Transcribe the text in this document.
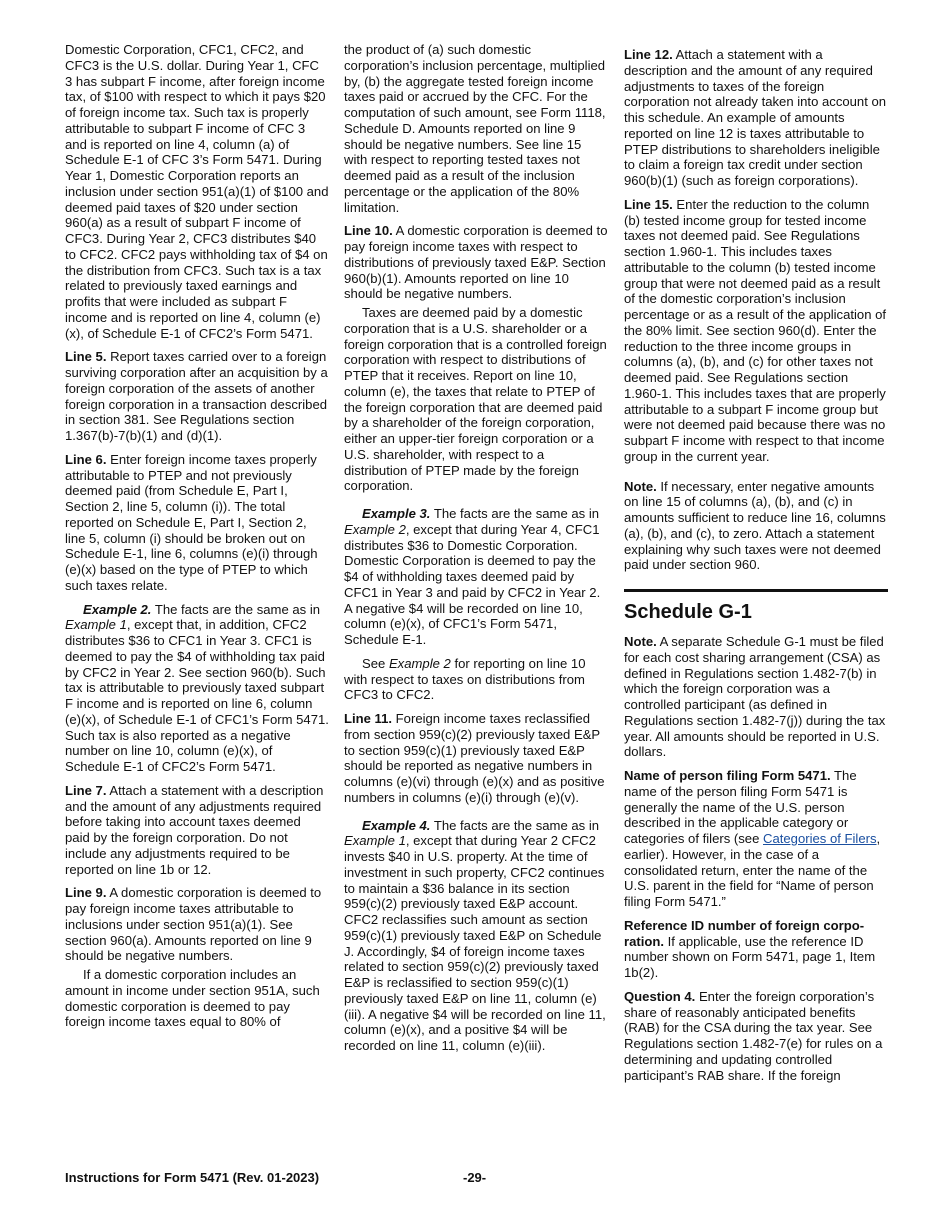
Domestic Corporation, CFC1, CFC2, and CFC3 is the U.S. dollar. During Year 1, CFC 3 has subpart F income, after foreign income tax, of $100 with respect to which it pays $20 of foreign income tax. Such tax is properly attributable to subpart F income of CFC 3 and is reported on line 4, column (a) of Schedule E-1 of CFC 3’s Form 5471. During Year 1, Domestic Corporation reports an inclusion under section 951(a)(1) of $100 and deemed paid taxes of $20 under section 960(a) as a result of subpart F income of CFC3. During Year 2, CFC3 distributes $40 to CFC2. CFC2 pays withholding tax of $4 on the distribution from CFC3. Such tax is a tax related to previously taxed earnings and profits that were included as subpart F income and is reported on line 4, column (e)(x), of Schedule E-1 of CFC2’s Form 5471.

Line 5. Report taxes carried over to a foreign surviving corporation after an acquisition by a foreign corporation of the assets of another foreign corporation in a transaction described in section 381. See Regulations section 1.367(b)-7(b)(1) and (d)(1).

Line 6. Enter foreign income taxes properly attributable to PTEP and not previously deemed paid (from Schedule E, Part I, Section 2, line 5, column (i)). The total reported on Schedule E, Part I, Section 2, line 5, column (i) should be broken out on Schedule E-1, line 6, columns (e)(i) through (e)(x) based on the type of PTEP to which such taxes relate.

Example 2. The facts are the same as in Example 1, except that, in addition, CFC2 distributes $36 to CFC1 in Year 3. CFC1 is deemed to pay the $4 of withholding tax paid by CFC2 in Year 2. See section 960(b). Such tax is attributable to previously taxed subpart F income and is reported on line 6, column (e)(x), of Schedule E-1 of CFC1’s Form 5471. Such tax is also reported as a negative number on line 10, column (e)(x), of Schedule E-1 of CFC2’s Form 5471.

Line 7. Attach a statement with a description and the amount of any adjustments required before taking into account taxes deemed paid by the foreign corporation. Do not include any adjustments required to be reported on line 1b or 12.

Line 9. A domestic corporation is deemed to pay foreign income taxes attributable to inclusions under section 951(a)(1). See section 960(a). Amounts reported on line 9 should be negative numbers.

If a domestic corporation includes an amount in income under section 951A, such domestic corporation is deemed to pay foreign income taxes equal to 80% of

the product of (a) such domestic corporation’s inclusion percentage, multiplied by, (b) the aggregate tested foreign income taxes paid or accrued by the CFC. For the computation of such amount, see Form 1118, Schedule D. Amounts reported on line 9 should be negative numbers. See line 15 with respect to reporting tested taxes not deemed paid as a result of the inclusion percentage or the application of the 80% limitation.

Line 10. A domestic corporation is deemed to pay foreign income taxes with respect to distributions of previously taxed E&P. Section 960(b)(1). Amounts reported on line 10 should be negative numbers.

Taxes are deemed paid by a domestic corporation that is a U.S. shareholder or a foreign corporation that is a controlled foreign corporation with respect to distributions of PTEP that it receives. Report on line 10, column (e), the taxes that relate to PTEP of the foreign corporation that are deemed paid by a shareholder of the foreign corporation, either an upper-tier foreign corporation or a U.S. shareholder, with respect to a distribution of PTEP made by the foreign corporation.

Example 3. The facts are the same as in Example 2, except that during Year 4, CFC1 distributes $36 to Domestic Corporation. Domestic Corporation is deemed to pay the $4 of withholding taxes deemed paid by CFC1 in Year 3 and paid by CFC2 in Year 2. A negative $4 will be recorded on line 10, column (e)(x), of CFC1’s Form 5471, Schedule E-1.

See Example 2 for reporting on line 10 with respect to taxes on distributions from CFC3 to CFC2.

Line 11. Foreign income taxes reclassified from section 959(c)(2) previously taxed E&P to section 959(c)(1) previously taxed E&P should be reported as negative numbers in columns (e)(vi) through (e)(x) and as positive numbers in columns (e)(i) through (e)(v).

Example 4. The facts are the same as in Example 1, except that during Year 2 CFC2 invests $40 in U.S. property. At the time of investment in such property, CFC2 continues to maintain a $36 balance in its section 959(c)(2) previously taxed E&P account. CFC2 reclassifies such amount as section 959(c)(1) previously taxed E&P on Schedule J. Accordingly, $4 of foreign income taxes related to section 959(c)(2) previously taxed E&P is reclassified to section 959(c)(1) previously taxed E&P on line 11, column (e)(iii). A negative $4 will be recorded on line 11, column (e)(x), and a positive $4 will be recorded on line 11, column (e)(iii).

Line 12. Attach a statement with a description and the amount of any required adjustments to taxes of the foreign corporation not already taken into account on this schedule. An example of amounts reported on line 12 is taxes attributable to PTEP distributions to shareholders ineligible to claim a foreign tax credit under section 960(b)(1) (such as foreign corporations).

Line 15. Enter the reduction to the column (b) tested income group for tested income taxes not deemed paid. See Regulations section 1.960-1. This includes taxes attributable to the column (b) tested income group that were not deemed paid as a result of the domestic corporation’s inclusion percentage or as a result of the application of the 80% limit. See section 960(d). Enter the reduction to the three income groups in columns (a), (b), and (c) for other taxes not deemed paid. See Regulations section 1.960-1. This includes taxes that are properly attributable to a subpart F income group but were not deemed paid because there was no subpart F income with respect to that income group in the current year.

Note. If necessary, enter negative amounts on line 15 of columns (a), (b), and (c) in amounts sufficient to reduce line 16, columns (a), (b), and (c), to zero. Attach a statement explaining why such taxes were not deemed paid under section 960.

Schedule G-1

Note. A separate Schedule G-1 must be filed for each cost sharing arrangement (CSA) as defined in Regulations section 1.482-7(b) in which the foreign corporation was a controlled participant (as defined in Regulations section 1.482-7(j)) during the tax year. All amounts should be reported in U.S. dollars.

Name of person filing Form 5471. The name of the person filing Form 5471 is generally the name of the U.S. person described in the applicable category or categories of filers (see Categories of Filers, earlier). However, in the case of a consolidated return, enter the name of the U.S. parent in the field for “Name of person filing Form 5471.”

Reference ID number of foreign corpo-ration. If applicable, use the reference ID number shown on Form 5471, page 1, Item 1b(2).

Question 4. Enter the foreign corporation’s share of reasonably anticipated benefits (RAB) for the CSA during the tax year. See Regulations section 1.482-7(e) for rules on a determining and updating controlled participant’s RAB share. If the foreign

Instructions for Form 5471 (Rev. 01-2023)	-29-
